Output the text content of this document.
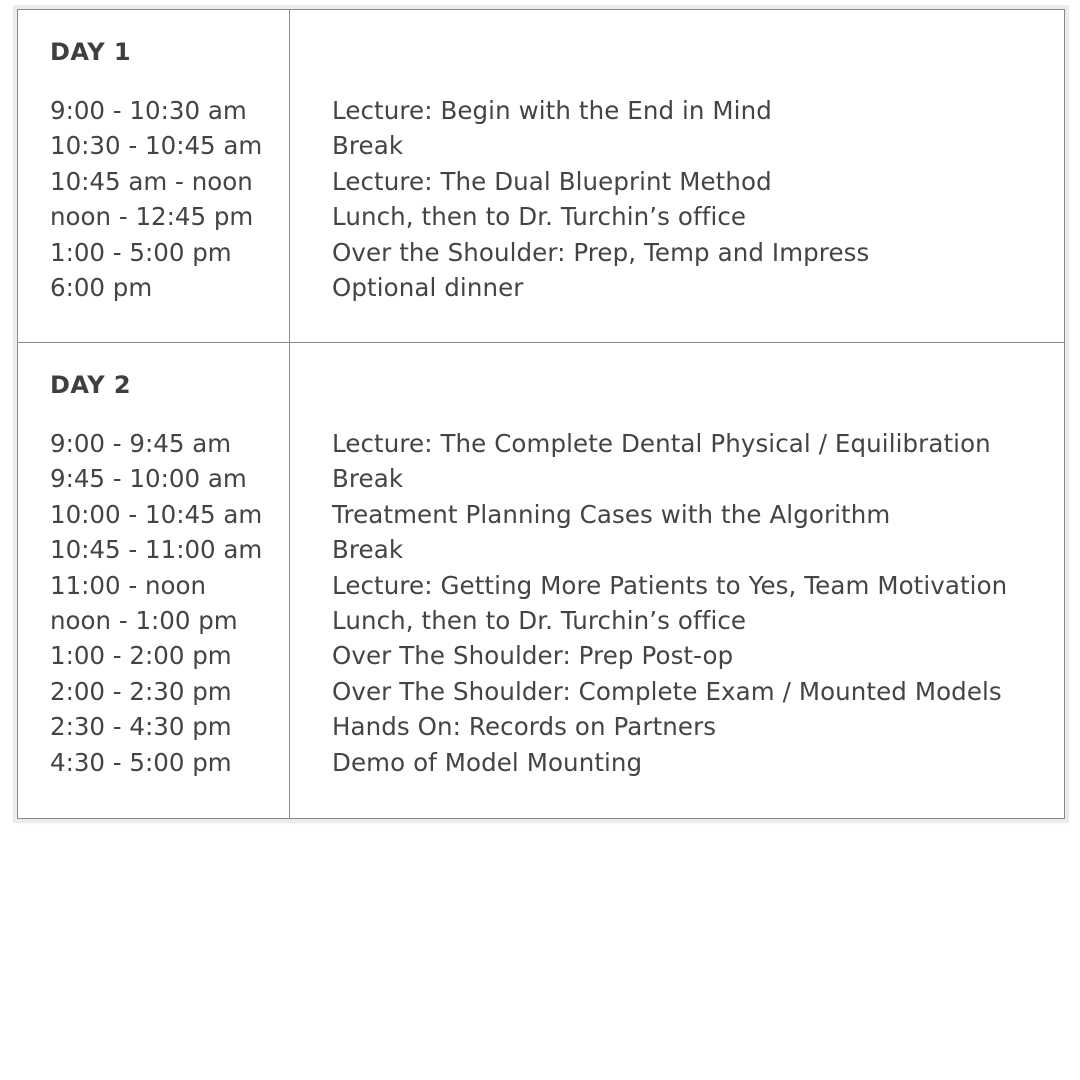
DAY 1
9:00 - 10:30 am	Lecture: Begin with the End in Mind
10:30 - 10:45 am	Break
10:45 am - noon	Lecture: The Dual Blueprint Method
noon - 12:45 pm	Lunch, then to Dr. Turchin’s office
1:00 - 5:00 pm	Over the Shoulder: Prep, Temp and Impress
6:00 pm	Optional dinner
DAY 2
9:00 - 9:45 am	Lecture: The Complete Dental Physical / Equilibration
9:45 - 10:00 am	Break
10:00 - 10:45 am	Treatment Planning Cases with the Algorithm
10:45 - 11:00 am	Break
11:00 - noon	Lecture: Getting More Patients to Yes, Team Motivation
noon - 1:00 pm	Lunch, then to Dr. Turchin’s office
1:00 - 2:00 pm	Over The Shoulder: Prep Post-op
2:00 - 2:30 pm	Over The Shoulder: Complete Exam / Mounted Models
2:30 - 4:30 pm	Hands On: Records on Partners
4:30 - 5:00 pm	Demo of Model Mounting
